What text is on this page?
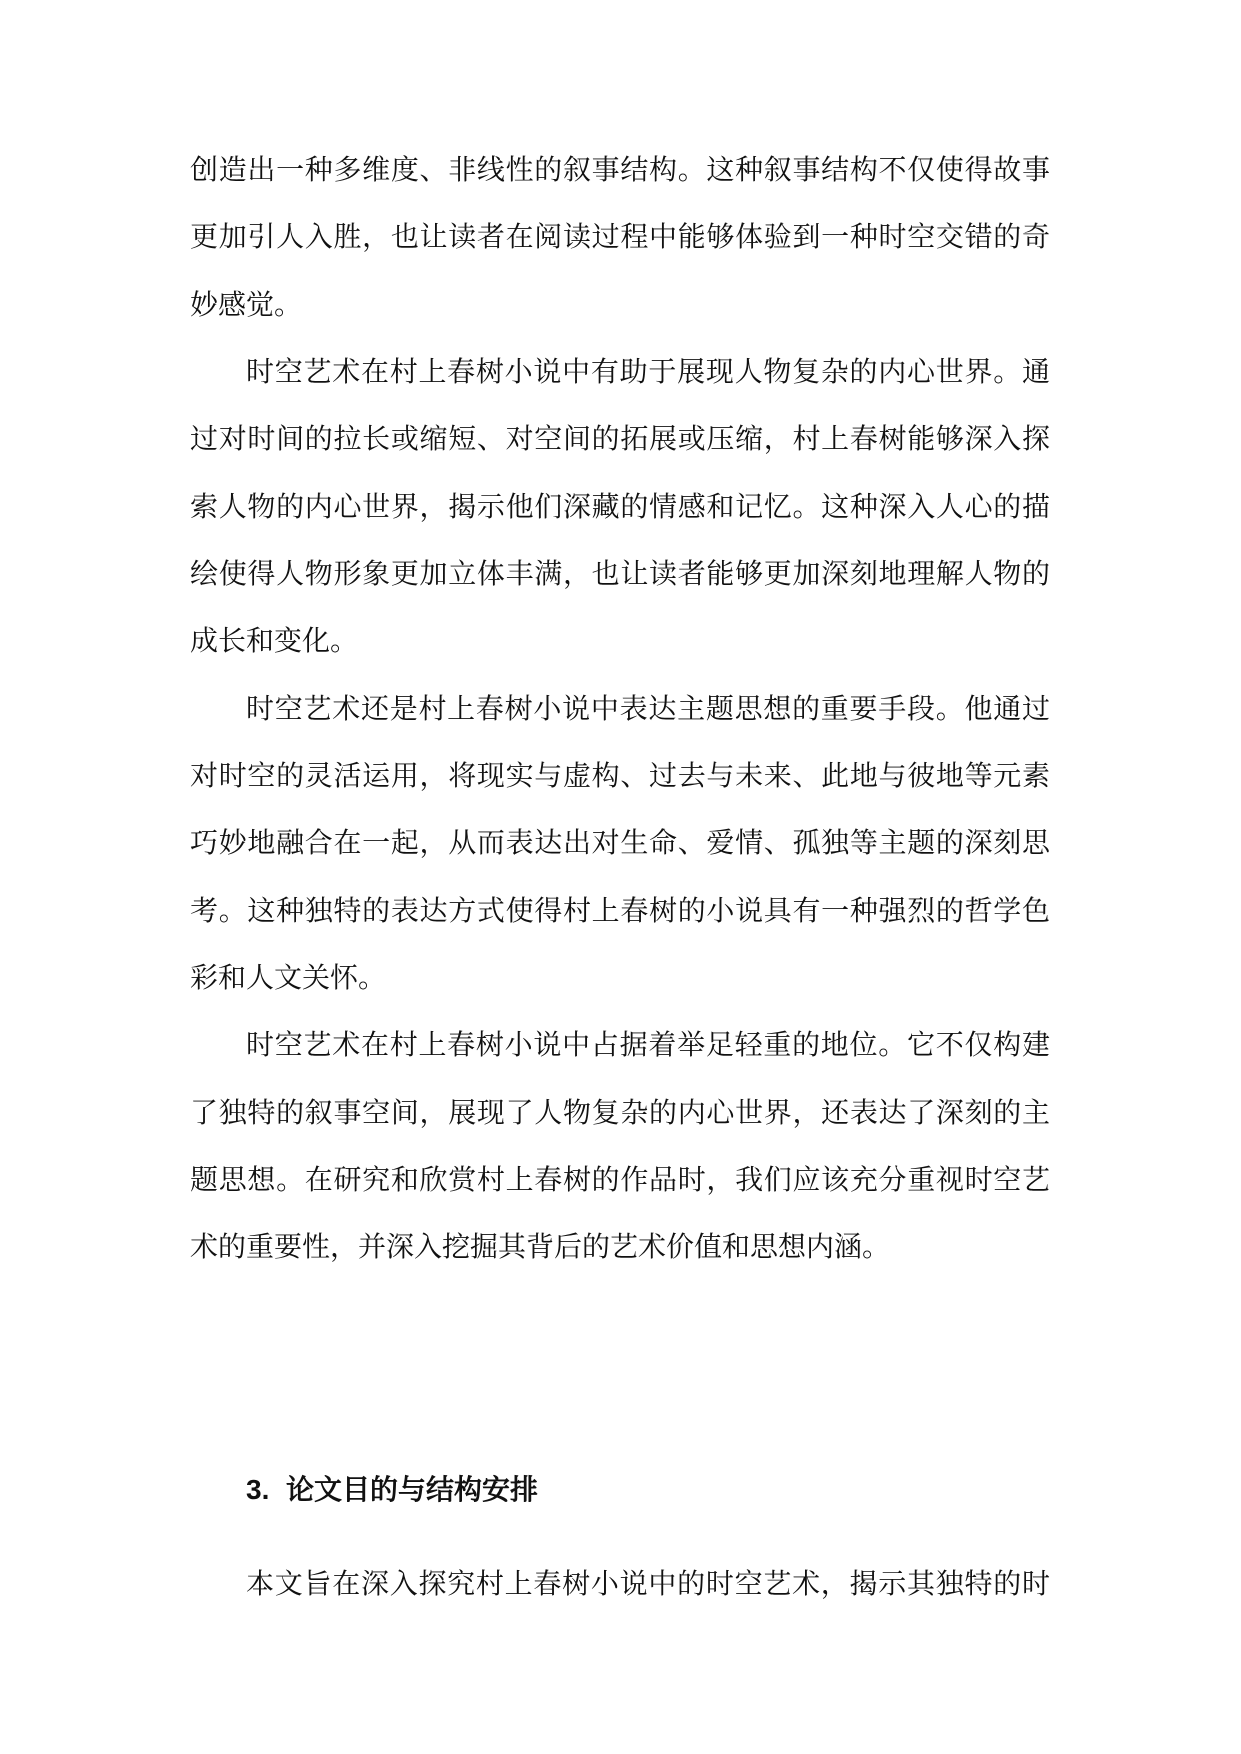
创造出一种多维度、非线性的叙事结构。这种叙事结构不仅使得故事
更加引人入胜，也让读者在阅读过程中能够体验到一种时空交错的奇
妙感觉。
时空艺术在村上春树小说中有助于展现人物复杂的内心世界。通
过对时间的拉长或缩短、对空间的拓展或压缩，村上春树能够深入探
索人物的内心世界，揭示他们深藏的情感和记忆。这种深入人心的描
绘使得人物形象更加立体丰满，也让读者能够更加深刻地理解人物的
成长和变化。
时空艺术还是村上春树小说中表达主题思想的重要手段。他通过
对时空的灵活运用，将现实与虚构、过去与未来、此地与彼地等元素
巧妙地融合在一起，从而表达出对生命、爱情、孤独等主题的深刻思
考。这种独特的表达方式使得村上春树的小说具有一种强烈的哲学色
彩和人文关怀。
时空艺术在村上春树小说中占据着举足轻重的地位。它不仅构建
了独特的叙事空间，展现了人物复杂的内心世界，还表达了深刻的主
题思想。在研究和欣赏村上春树的作品时，我们应该充分重视时空艺
术的重要性，并深入挖掘其背后的艺术价值和思想内涵。
3. 论文目的与结构安排
本文旨在深入探究村上春树小说中的时空艺术，揭示其独特的时
